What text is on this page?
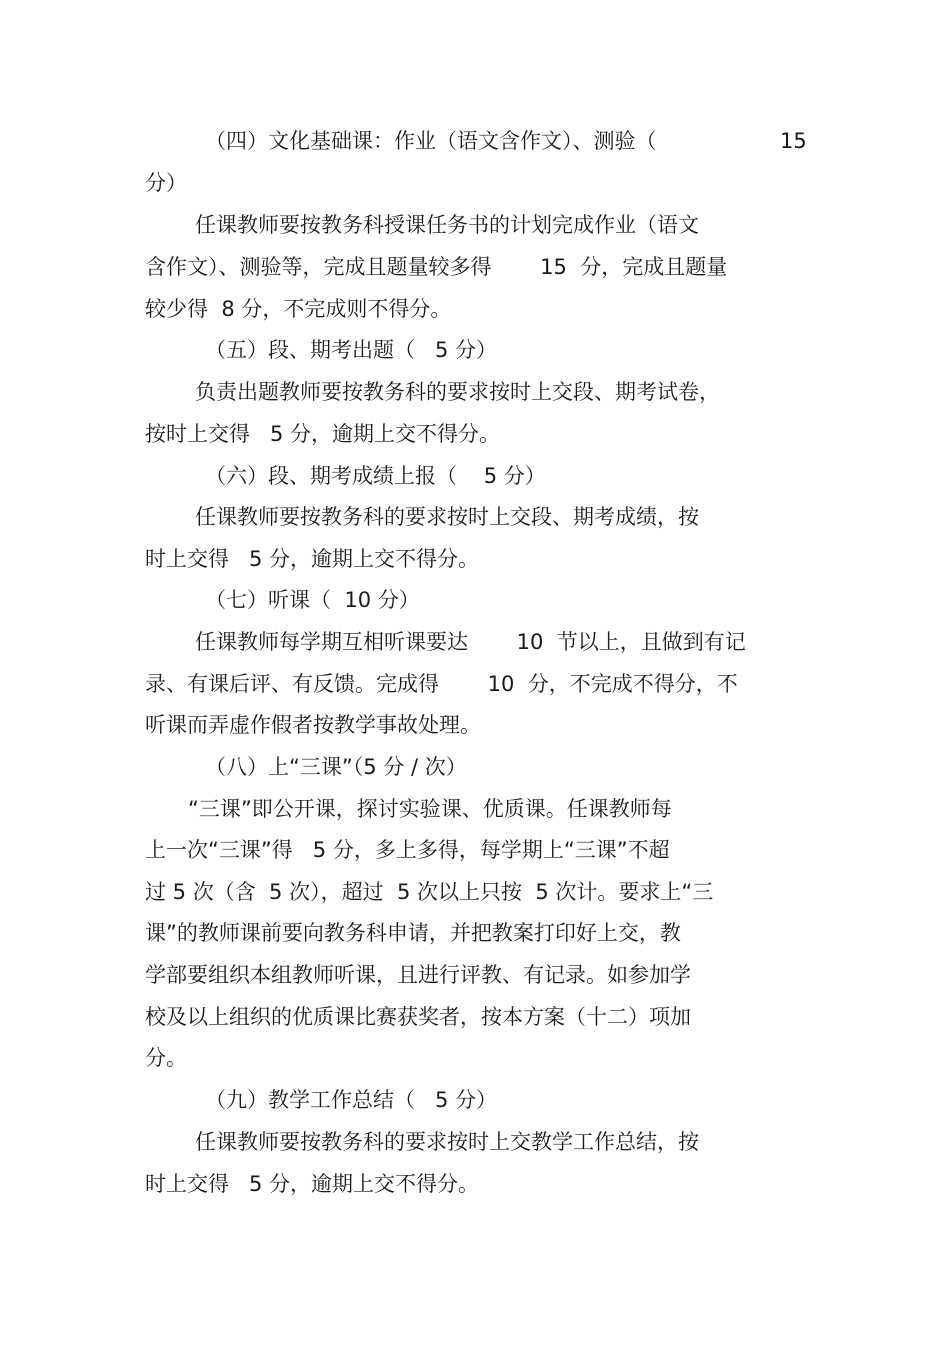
（四）文化基础课：作业（语文含作文）、测验（	15
分）
任课教师要按教务科授课任务书的计划完成作业（语文
含作文）、测验等，完成且题量较多得　　 15  分，完成且题量
较少得  8 分，不完成则不得分。
（五）段、期考出题（   5 分）
负责出题教师要按教务科的要求按时上交段、期考试卷，
按时上交得   5 分，逾期上交不得分。
（六）段、期考成绩上报（    5 分）
任课教师要按教务科的要求按时上交段、期考成绩，按
时上交得   5 分，逾期上交不得分。
（七）听课（  10 分）
任课教师每学期互相听课要达　　 10  节以上，且做到有记
录、有课后评、有反馈。完成得　　 10  分，不完成不得分，不
听课而弄虚作假者按教学事故处理。
（八）上“三课”（5 分 / 次）
“三课”即公开课，探讨实验课、优质课。任课教师每
上一次“三课”得   5 分，多上多得，每学期上“三课”不超
过 5 次（含  5 次），超过  5 次以上只按  5 次计。要求上“三
课”的教师课前要向教务科申请，并把教案打印好上交，教
学部要组织本组教师听课，且进行评教、有记录。如参加学
校及以上组织的优质课比赛获奖者，按本方案（十二）项加
分。
（九）教学工作总结（   5 分）
任课教师要按教务科的要求按时上交教学工作总结，按
时上交得   5 分，逾期上交不得分。
